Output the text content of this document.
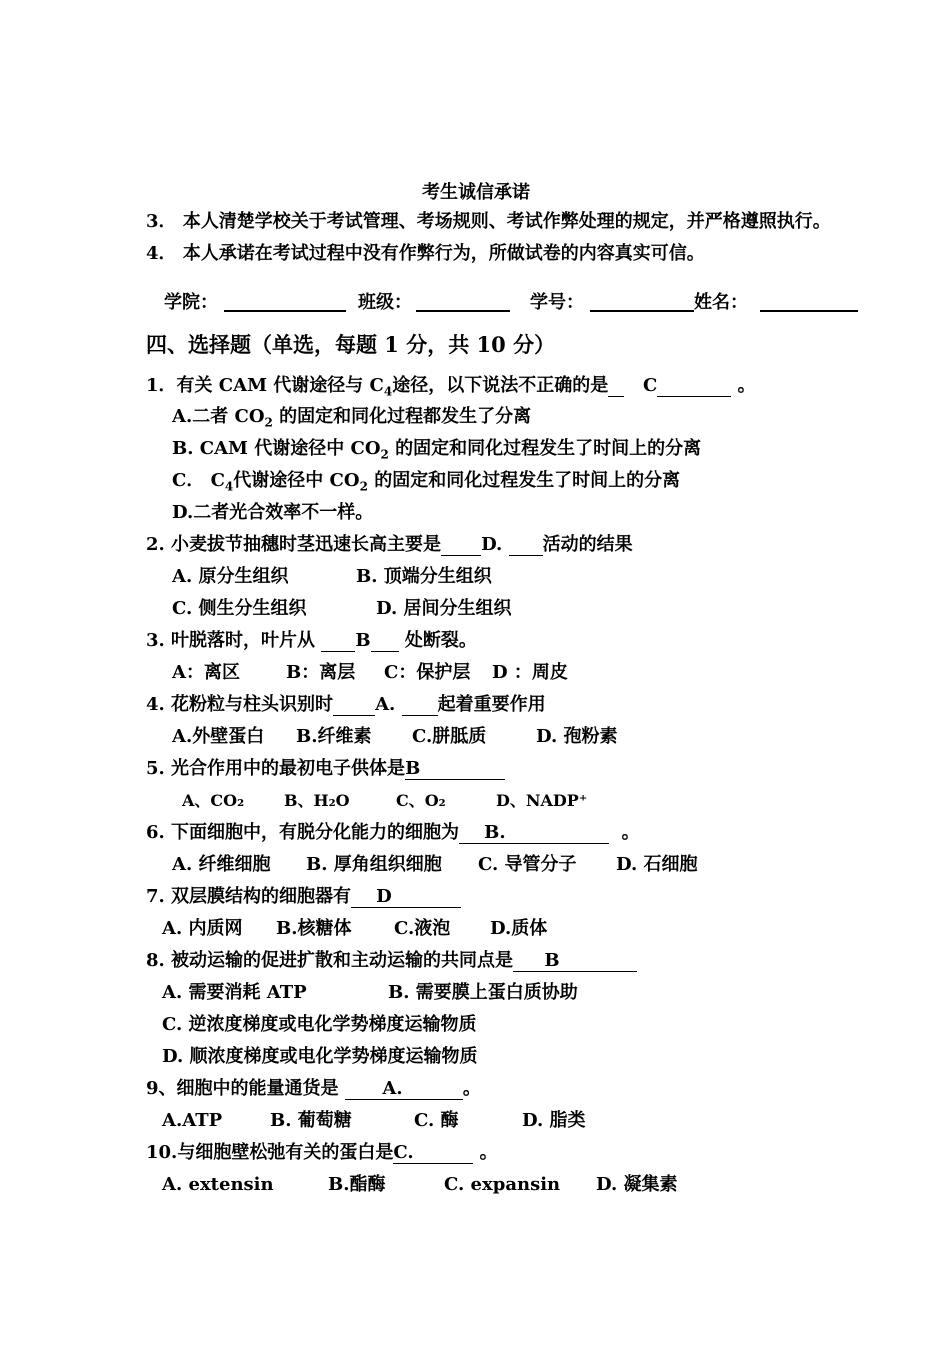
考生诚信承诺
3． 本人清楚学校关于考试管理、考场规则、考试作弊处理的规定，并严格遵照执行。
4． 本人承诺在考试过程中没有作弊行为，所做试卷的内容真实可信。
学院：	班级：	学号：	姓名：
四、选择题（单选，每题 1 分，共 10 分）
1．有关 CAM 代谢途径与 $C_4$途径，以下说法不正确的是 C	。
A.二者 $CO_2$ 的固定和同化过程都发生了分离
B. CAM 代谢途径中 $CO_2$ 的固定和同化过程发生了时间上的分离
C． $C_4$代谢途径中 $CO_2$ 的固定和同化过程发生了时间上的分离
D.二者光合效率不一样。
2. 小麦拔节抽穗时茎迅速长高主要是 D. 活动的结果
A. 原分生组织	B. 顶端分生组织
C. 侧生分生组织	D. 居间分生组织
3. 叶脱落时，叶片从 B  处断裂。
A：离区	B：离层 C：保护层 D ：周皮
4. 花粉粒与柱头识别时 A. 起着重要作用
A.外壁蛋白 B.纤维素 C.胼胝质	D. 孢粉素
5. 光合作用中的最初电子供体是B
A、CO₂ B、H₂O	C、O₂	D、NADP⁺
6. 下面细胞中，有脱分化能力的细胞为 B.	。
A. 纤维细胞 B. 厚角组织细胞 C. 导管分子 D. 石细胞
7. 双层膜结构的细胞器有 D
A. 内质网 B.核糖体 C.液泡 D.质体
8. 被动运输的促进扩散和主动运输的共同点是 B
A. 需要消耗 ATP	B. 需要膜上蛋白质协助
C. 逆浓度梯度或电化学势梯度运输物质
D. 顺浓度梯度或电化学势梯度运输物质
9、细胞中的能量通货是 A.	。
A.ATP	B. 葡萄糖	C. 酶	D. 脂类
10.与细胞壁松弛有关的蛋白是C.	。
A. extensin	B.酯酶	C. expansin D. 凝集素
